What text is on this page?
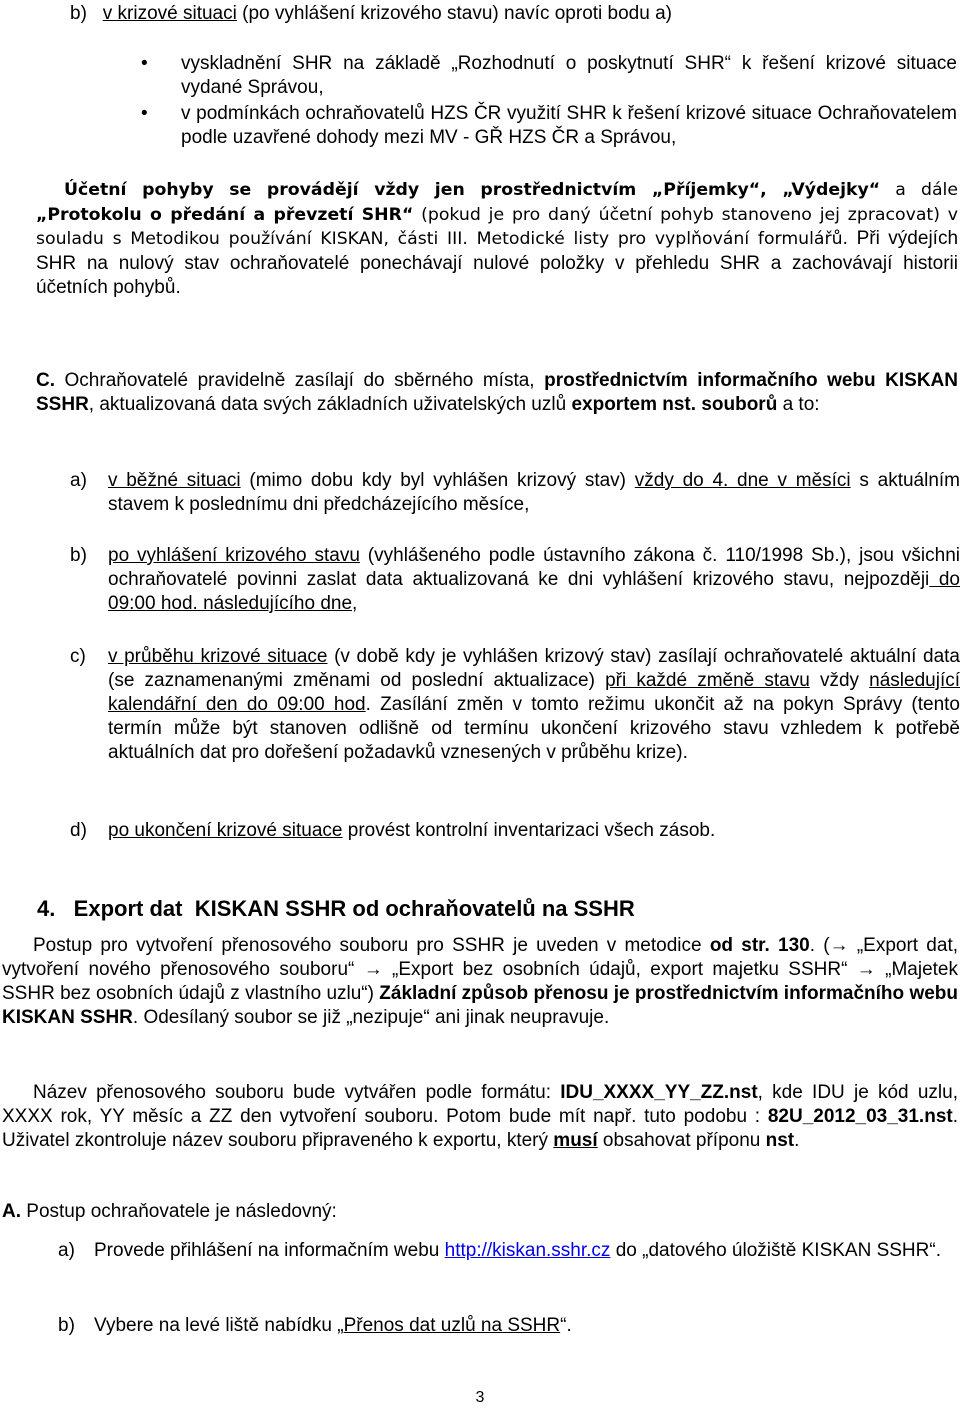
b) v krizové situaci (po vyhlášení krizového stavu) navíc oproti bodu a)
• vyskladnění SHR na základě „Rozhodnutí o poskytnutí SHR“ k řešení krizové situace vydané Správou,
• v podmínkách ochraňovatelů HZS ČR využití SHR k řešení krizové situace Ochraňovatelem podle uzavřené dohody mezi MV - GŘ HZS ČR a Správou,
Účetní pohyby se provádějí vždy jen prostřednictvím „Příjemky“, „Výdejky“ a dále „Protokolu o předání a převzetí SHR“ (pokud je pro daný účetní pohyb stanoveno jej zpracovat) v souladu s Metodikou používání KISKAN, části III. Metodické listy pro vyplňování formulářů. Při výdejích SHR na nulový stav ochraňovatelé ponechávají nulové položky v přehledu SHR a zachovávají historii účetních pohybů.
C. Ochraňovatelé pravidelně zasílají do sběrného místa, prostřednictvím informačního webu KISKAN SSHR, aktualizovaná data svých základních uživatelských uzlů exportem nst. souborů a to:
a) v běžné situaci (mimo dobu kdy byl vyhlášen krizový stav) vždy do 4. dne v měsíci s aktuálním stavem k poslednímu dni předcházejícího měsíce,
b) po vyhlášení krizového stavu (vyhlášeného podle ústavního zákona č. 110/1998 Sb.), jsou všichni ochraňovatelé povinni zaslat data aktualizovaná ke dni vyhlášení krizového stavu, nejpozději do 09:00 hod. následujícího dne,
c) v průběhu krizové situace (v době kdy je vyhlášen krizový stav) zasílají ochraňovatelé aktuální data (se zaznamenanými změnami od poslední aktualizace) při každé změně stavu vždy následující kalendářní den do 09:00 hod. Zasílání změn v tomto režimu ukončit až na pokyn Správy (tento termín může být stanoven odlišně od termínu ukončení krizového stavu vzhledem k potřebě aktuálních dat pro dořešení požadavků vznesených v průběhu krize).
d) po ukončení krizové situace provést kontrolní inventarizaci všech zásob.
4.   Export dat  KISKAN SSHR od ochraňovatelů na SSHR
Postup pro vytvoření přenosového souboru pro SSHR je uveden v metodice od str. 130. (→ „Export dat, vytvoření nového přenosového souboru“ → „Export bez osobních údajů, export majetku SSHR“ → „Majetek SSHR bez osobních údajů z vlastního uzlu“) Základní způsob přenosu je prostřednictvím informačního webu KISKAN SSHR. Odesílaný soubor se již „nezipuje“ ani jinak neupravuje.
Název přenosového souboru bude vytvářen podle formátu: IDU_XXXX_YY_ZZ.nst, kde IDU je kód uzlu, XXXX rok, YY měsíc a ZZ den vytvoření souboru. Potom bude mít např. tuto podobu : 82U_2012_03_31.nst. Uživatel zkontroluje název souboru připraveného k exportu, který musí obsahovat příponu nst.
A. Postup ochraňovatele je následovný:
a) Provede přihlášení na informačním webu http://kiskan.sshr.cz do „datového úložiště KISKAN SSHR“.
b) Vybere na levé liště nabídku „Přenos dat uzlů na SSHR“.
3
